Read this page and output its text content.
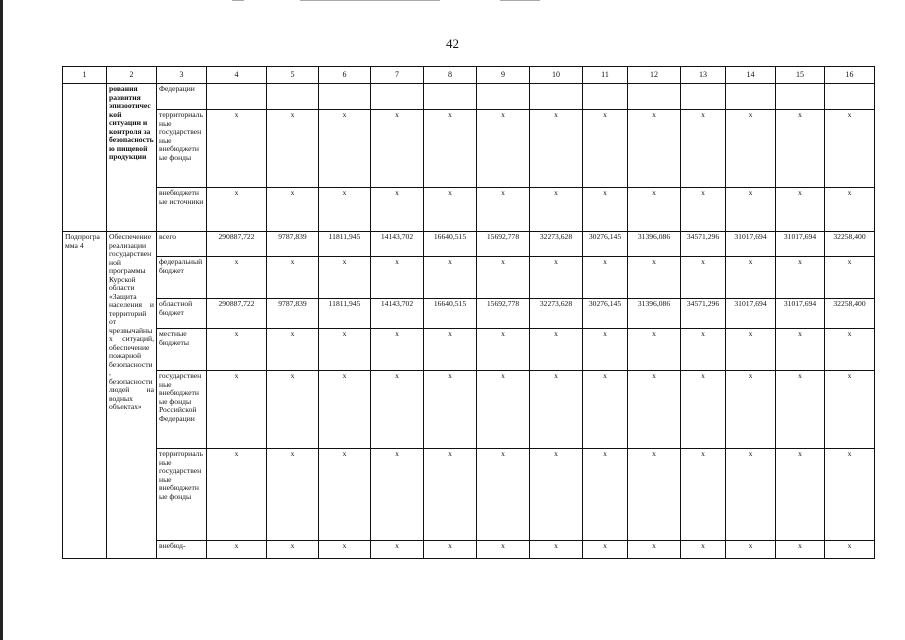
42
1	2	3	4	5	6	7	8	9	10	11	12	13	14	15	16
	рования развития эпизоотической ситуации и контроля за безопасностью пищевой продукции	Федерации													
		территориальные государственные внебюджетные фонды	x	x	x	x	x	x	x	x	x	x	x	x	x
		внебюджетные источники	x	x	x	x	x	x	x	x	x	x	x	x	x
Подпрограмма 4	Обеспечение реализации государственной программы Курской области «Защита населения и территорий от чрезвычайных ситуаций, обеспечение пожарной безопасности, безопасности людей на водных объектах»	всего	290887,722	9787,839	11811,945	14143,702	16640,515	15692,778	32273,628	30276,145	31396,086	34571,296	31017,694	31017,694	32258,400
		федеральный бюджет	x	x	x	x	x	x	x	x	x	x	x	x	x
		областной бюджет	290887,722	9787,839	11811,945	14143,702	16640,515	15692,778	32273,628	30276,145	31396,086	34571,296	31017,694	31017,694	32258,400
		местные бюджеты	x	x	x	x	x	x	x	x	x	x	x	x	x
		государственные внебюджетные фонды Российской Федерации	x	x	x	x	x	x	x	x	x	x	x	x	x
		территориальные государственные внебюджетные фонды	x	x	x	x	x	x	x	x	x	x	x	x	x
		внебюд-	x	x	x	x	x	x	x	x	x	x	x	x	x
